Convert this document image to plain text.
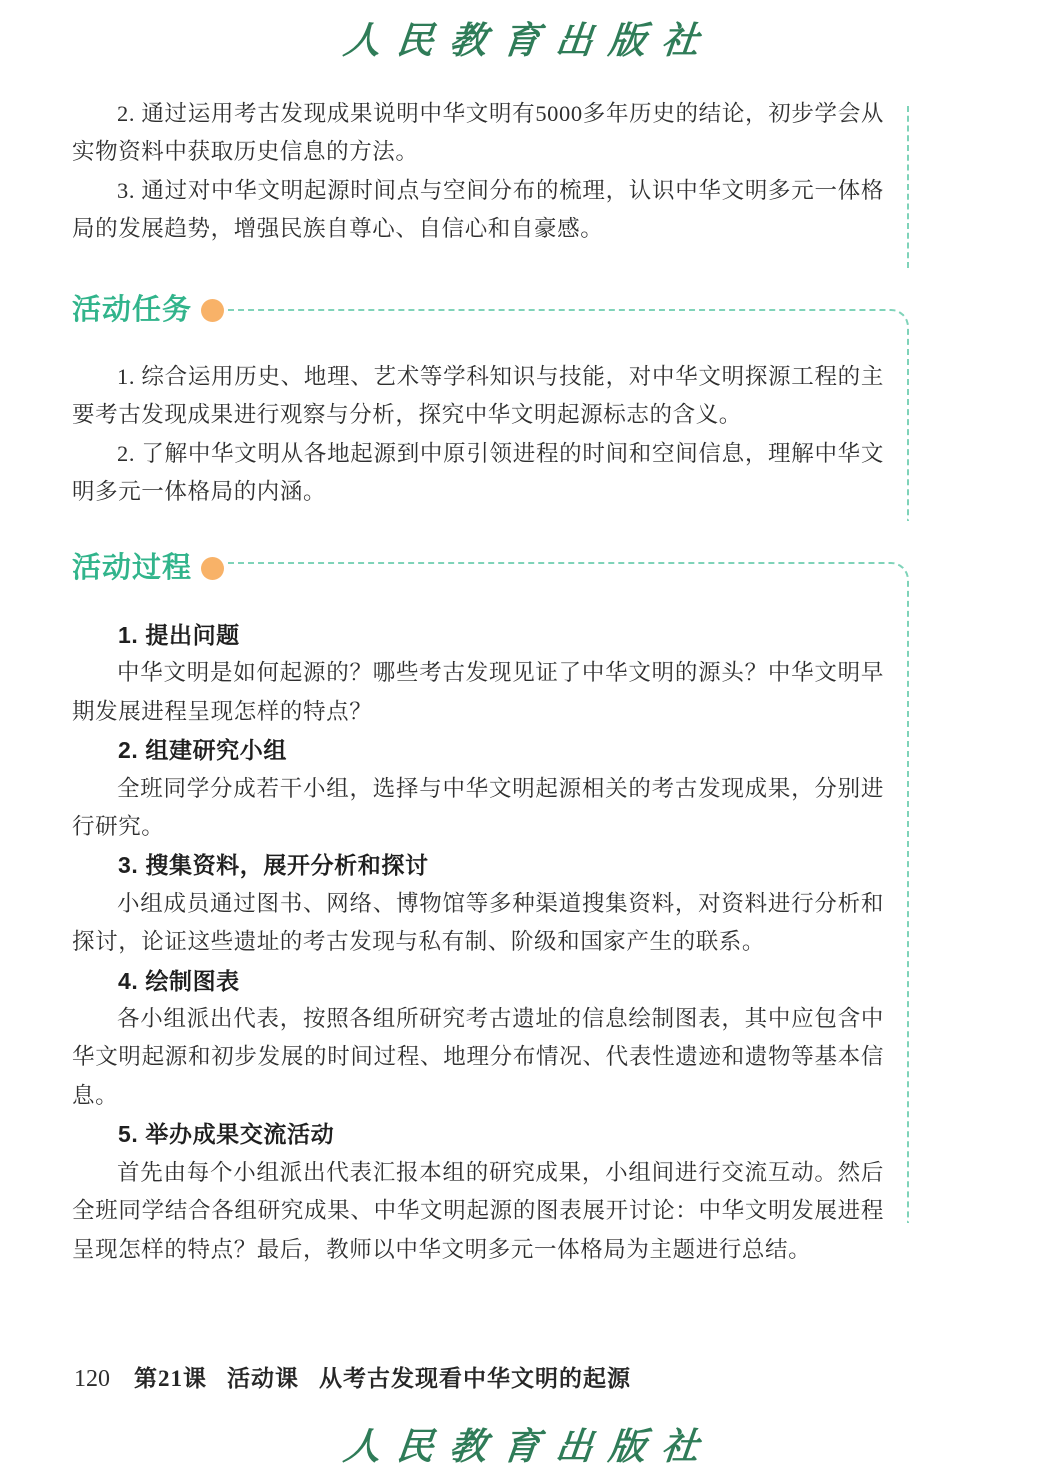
人民教育出版社

2. 通过运用考古发现成果说明中华文明有5000多年历史的结论，初步学会从实物资料中获取历史信息的方法。

3. 通过对中华文明起源时间点与空间分布的梳理，认识中华文明多元一体格局的发展趋势，增强民族自尊心、自信心和自豪感。

活动任务

1. 综合运用历史、地理、艺术等学科知识与技能，对中华文明探源工程的主要考古发现成果进行观察与分析，探究中华文明起源标志的含义。

2. 了解中华文明从各地起源到中原引领进程的时间和空间信息，理解中华文明多元一体格局的内涵。

活动过程
1. 提出问题

中华文明是如何起源的？哪些考古发现见证了中华文明的源头？中华文明早期发展进程呈现怎样的特点？

2. 组建研究小组

全班同学分成若干小组，选择与中华文明起源相关的考古发现成果，分别进行研究。

3. 搜集资料，展开分析和探讨

小组成员通过图书、网络、博物馆等多种渠道搜集资料，对资料进行分析和探讨，论证这些遗址的考古发现与私有制、阶级和国家产生的联系。

4. 绘制图表

各小组派出代表，按照各组所研究考古遗址的信息绘制图表，其中应包含中华文明起源和初步发展的时间过程、地理分布情况、代表性遗迹和遗物等基本信息。

5. 举办成果交流活动

首先由每个小组派出代表汇报本组的研究成果，小组间进行交流互动。然后全班同学结合各组研究成果、中华文明起源的图表展开讨论：中华文明发展进程呈现怎样的特点？最后，教师以中华文明多元一体格局为主题进行总结。

120 第21课 活动课 从考古发现看中华文明的起源
人民教育出版社
